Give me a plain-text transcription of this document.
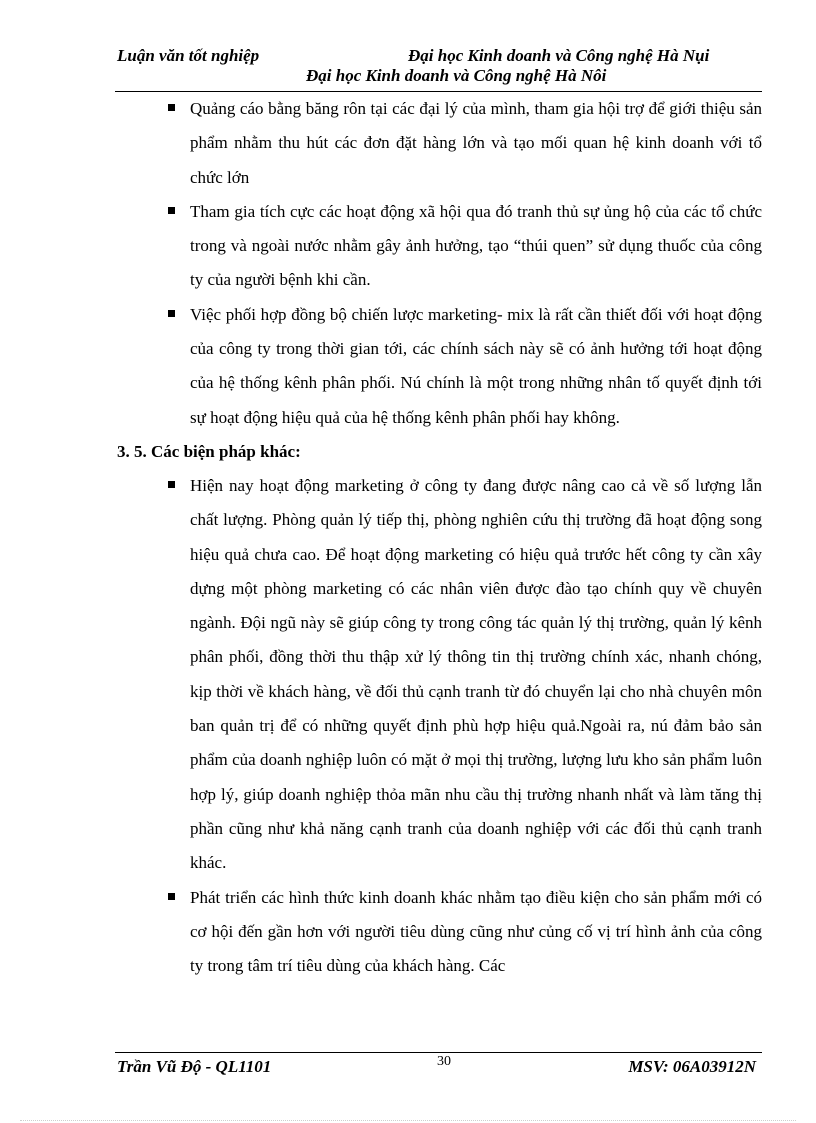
Luận văn tốt nghiệp	Đại học Kinh doanh và Công nghệ Hà Nụi
Đại học Kinh doanh và Công nghệ Hà Nôi
Quảng cáo bằng băng rôn tại các đại lý của mình, tham gia hội trợ để giới thiệu sản phẩm nhằm thu hút các đơn đặt hàng lớn và tạo mối quan hệ kinh doanh với tổ chức lớn
Tham gia tích cực các hoạt động xã hội qua đó tranh thủ sự ủng hộ của các tổ chức trong và ngoài nước nhằm gây ảnh hưởng, tạo “thúi quen” sử dụng thuốc của công ty của người bệnh khi cần.
Việc phối hợp đồng bộ chiến lược marketing- mix là rất cần thiết đối với hoạt động của công ty trong thời gian tới, các chính sách này sẽ có ảnh hưởng tới hoạt động của hệ thống kênh phân phối. Nú chính là một trong những nhân tố quyết định tới sự hoạt động hiệu quả của hệ thống kênh phân phối hay không.
3. 5. Các biện pháp khác:
Hiện nay hoạt động marketing ở công ty đang được nâng cao cả về số lượng lẫn chất lượng. Phòng quản lý tiếp thị, phòng nghiên cứu thị trường đã hoạt động song hiệu quả chưa cao. Để hoạt động marketing có hiệu quả trước hết công ty cần xây dựng một phòng marketing có các nhân viên được đào tạo chính quy về chuyên ngành. Đội ngũ này sẽ giúp công ty trong công tác quản lý thị trường, quản lý kênh phân phối, đồng thời thu thập xử lý thông tin thị trường chính xác, nhanh chóng, kịp thời về khách hàng, về đối thủ cạnh tranh từ đó chuyển lại cho nhà chuyên môn ban quản trị để có những quyết định phù hợp hiệu quả.Ngoài ra, nú đảm bảo sản phẩm của doanh nghiệp luôn có mặt ở mọi thị trường, lượng lưu kho sản phẩm luôn hợp lý, giúp doanh nghiệp thỏa mãn nhu cầu thị trường nhanh nhất và làm tăng thị phần cũng như khả năng cạnh tranh của doanh nghiệp với các đối thủ cạnh tranh khác.
Phát triển các hình thức kinh doanh khác nhằm tạo điều kiện cho sản phẩm mới có cơ hội đến gần hơn với người tiêu dùng cũng như củng cố vị trí hình ảnh của công ty trong tâm trí tiêu dùng của khách hàng. Các
Trần Vũ Độ - QL1101	30	MSV: 06A03912N
